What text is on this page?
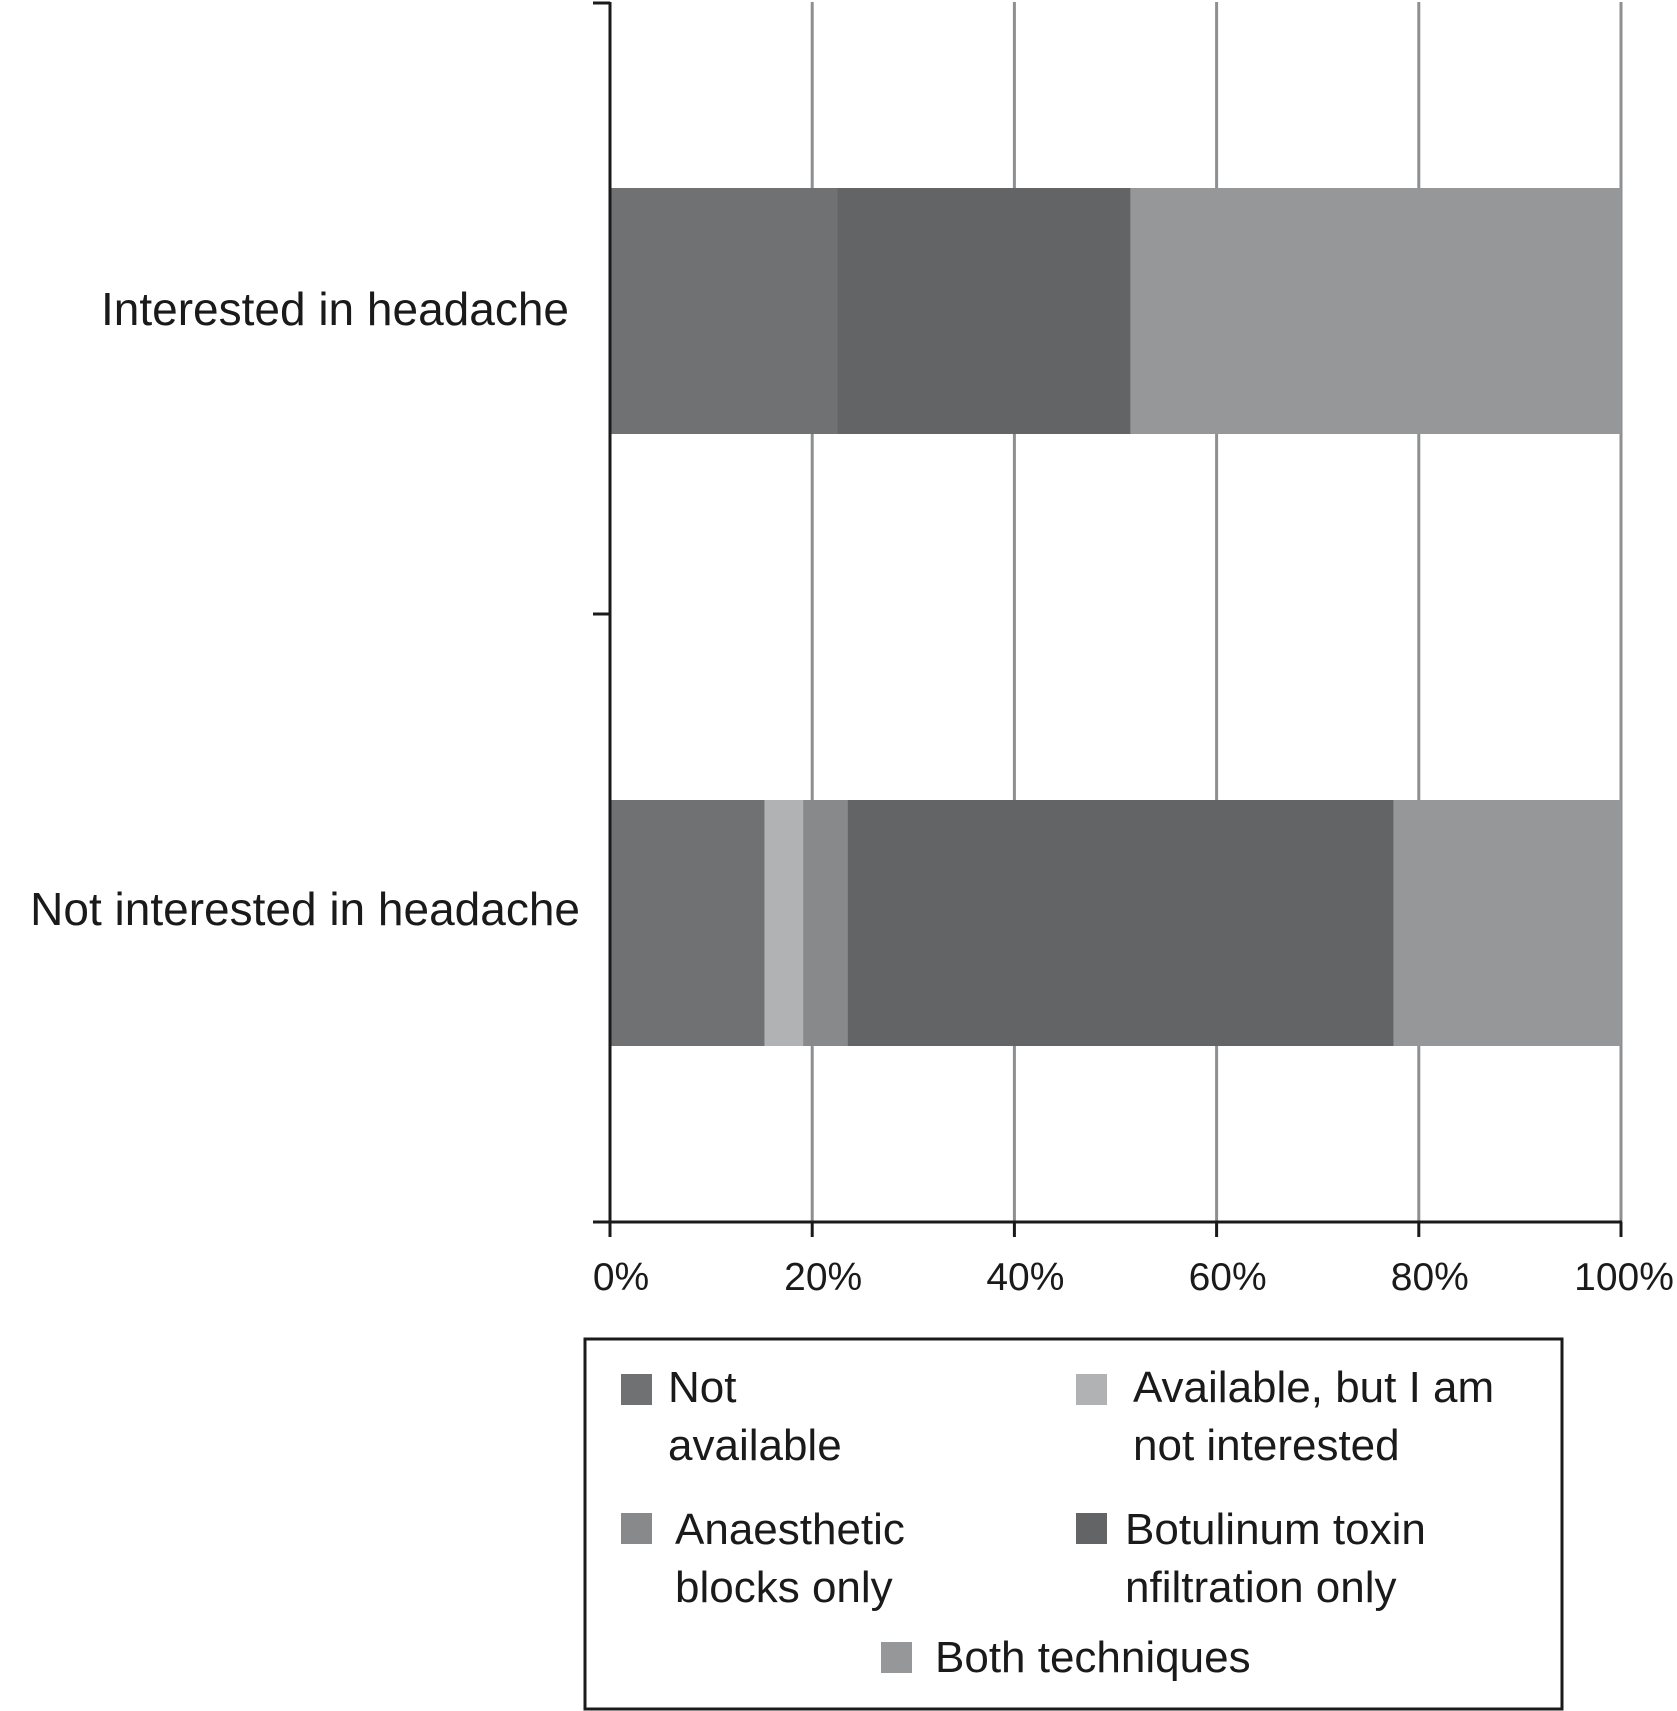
Interested in headache
Not interested in headache
0%	20%	40%	60%	80%	100%
Not available
Available, but I am not interested
Anaesthetic blocks only
Botulinum toxin nfiltration only
Both techniques
